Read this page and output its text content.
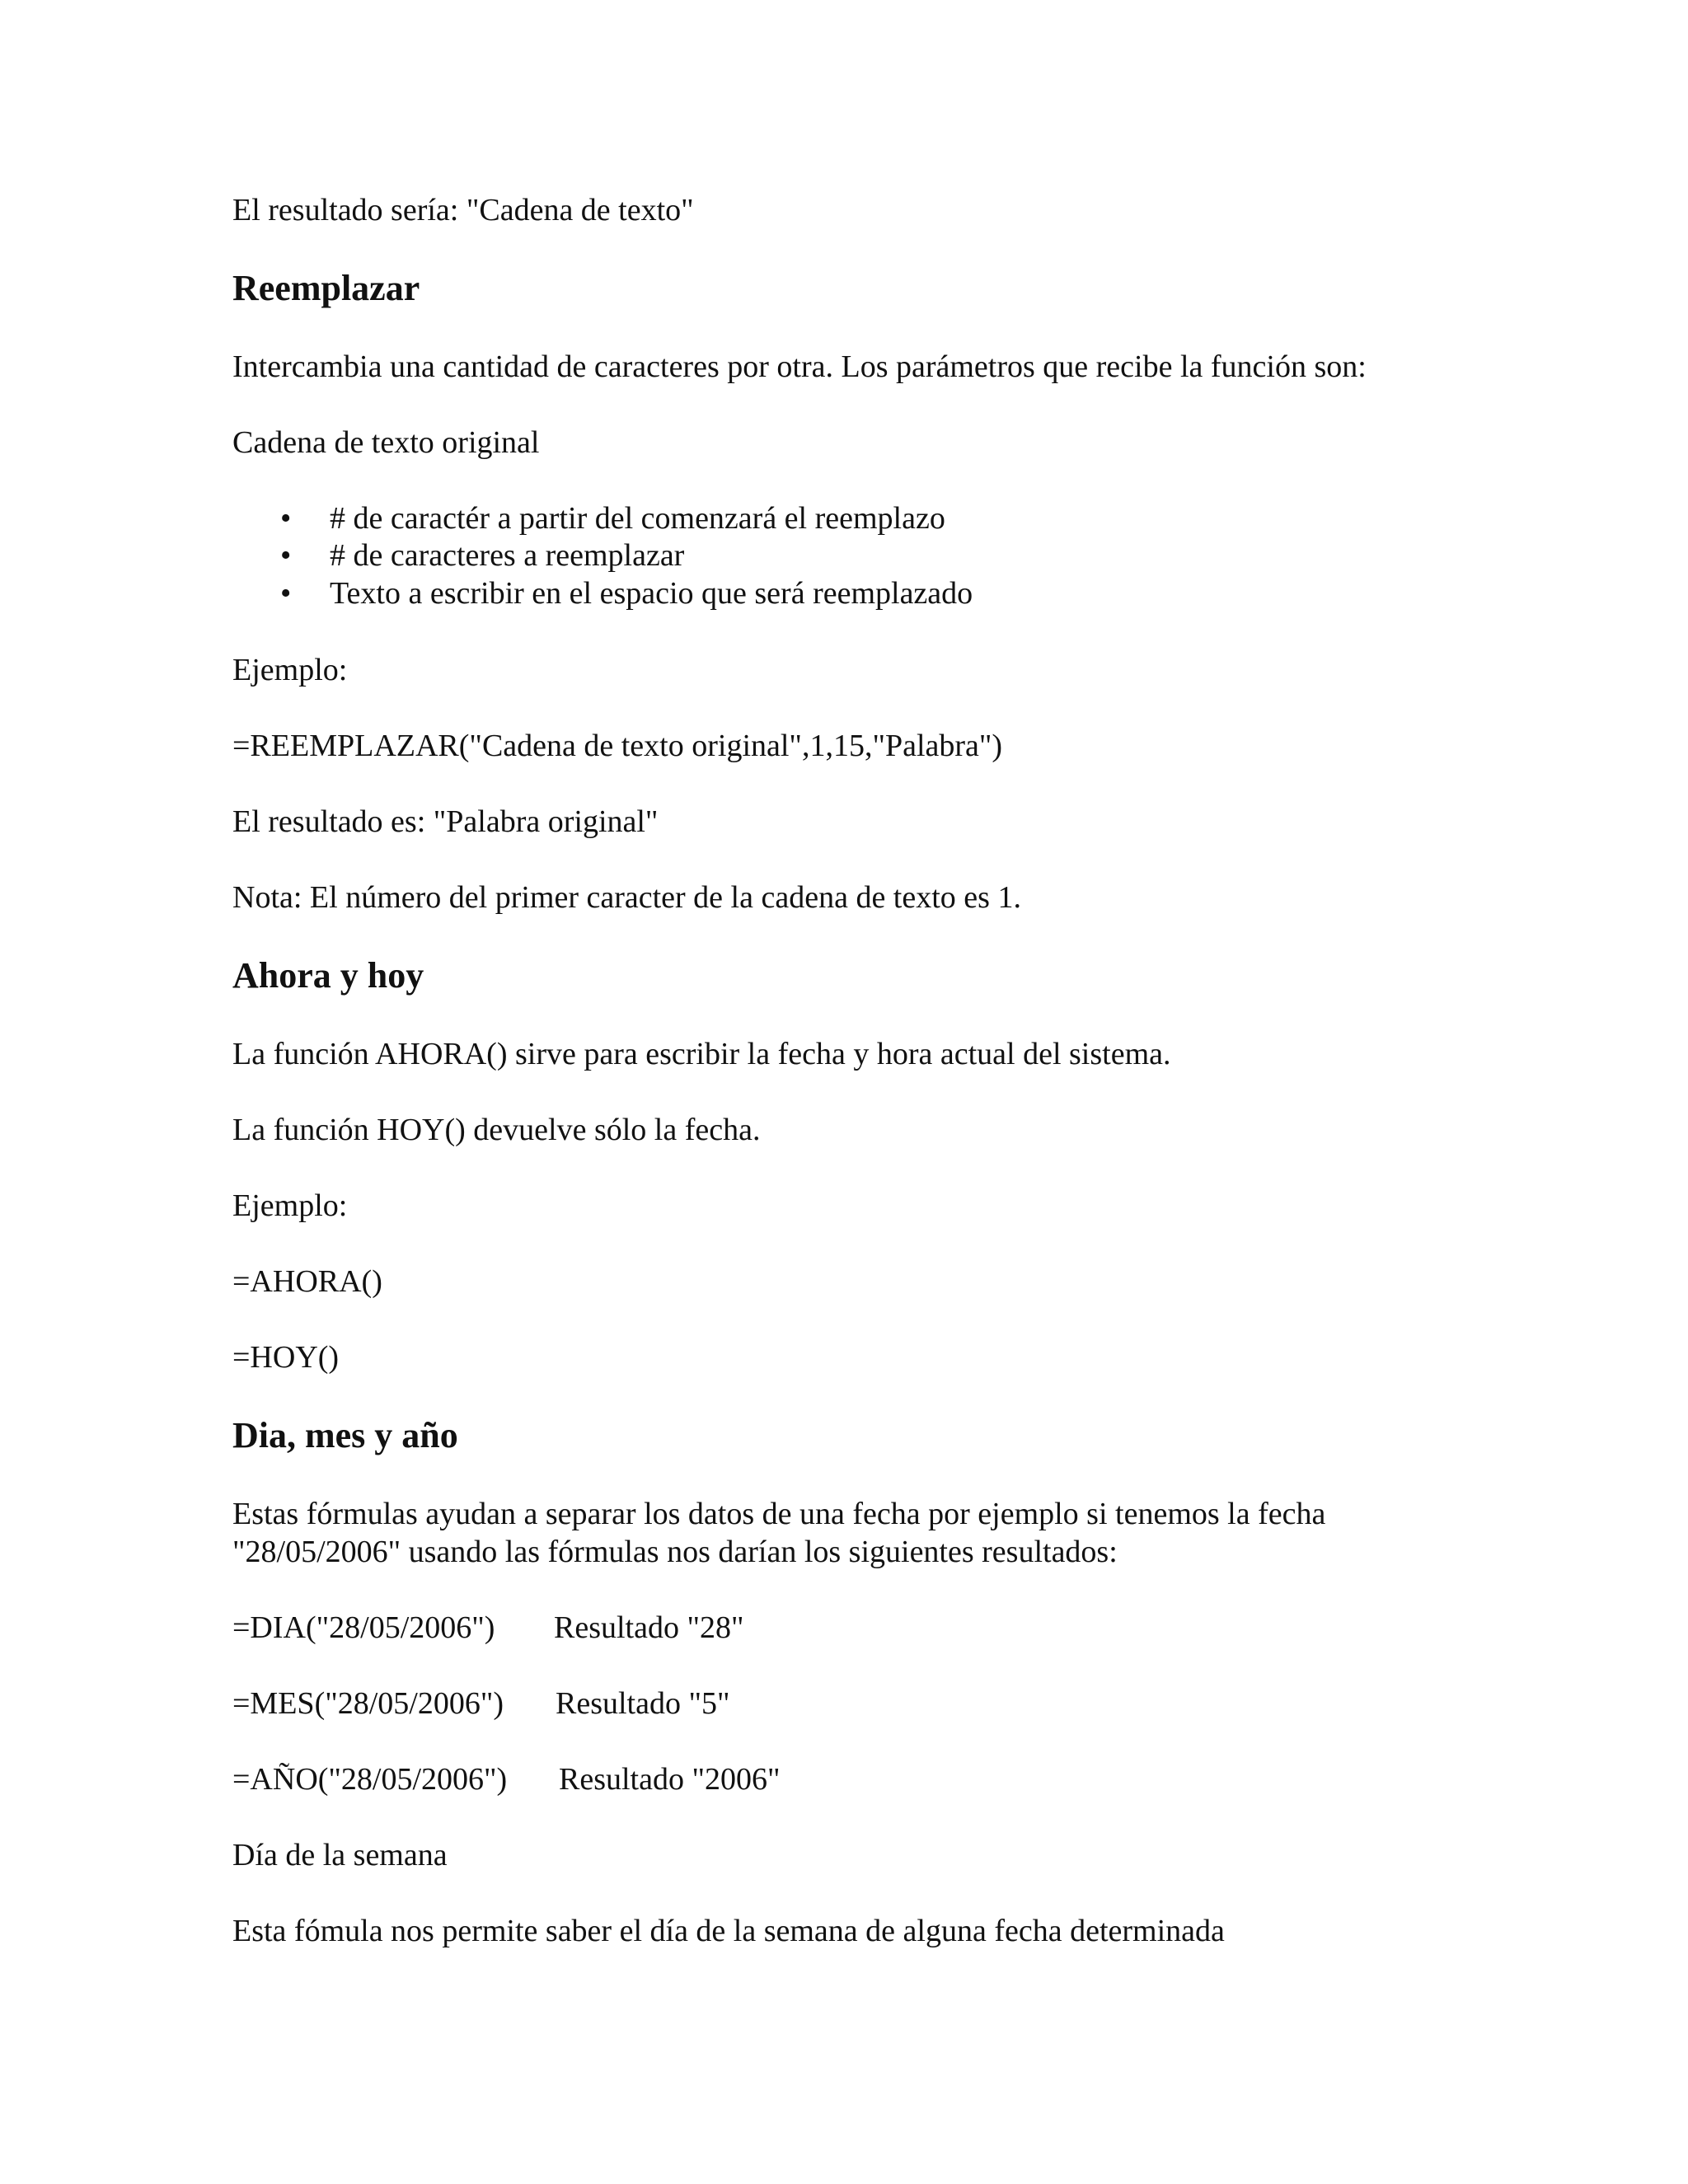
El resultado sería: "Cadena de texto"

Reemplazar

Intercambia una cantidad de caracteres por otra. Los parámetros que recibe la función son:

Cadena de texto original

• # de caractér a partir del comenzará el reemplazo
• # de caracteres a reemplazar
• Texto a escribir en el espacio que será reemplazado

Ejemplo:

=REEMPLAZAR("Cadena de texto original",1,15,"Palabra")

El resultado es: "Palabra original"

Nota: El número del primer caracter de la cadena de texto es 1.

Ahora y hoy

La función AHORA() sirve para escribir la fecha y hora actual del sistema.

La función HOY() devuelve sólo la fecha.

Ejemplo:

=AHORA()

=HOY()

Dia, mes y año

Estas fórmulas ayudan a separar los datos de una fecha por ejemplo si tenemos la fecha

"28/05/2006" usando las fórmulas nos darían los siguientes resultados:

=DIA("28/05/2006") Resultado "28"
=MES("28/05/2006") Resultado "5"
=AÑO("28/05/2006") Resultado "2006"

Día de la semana

Esta fómula nos permite saber el día de la semana de alguna fecha determinada
